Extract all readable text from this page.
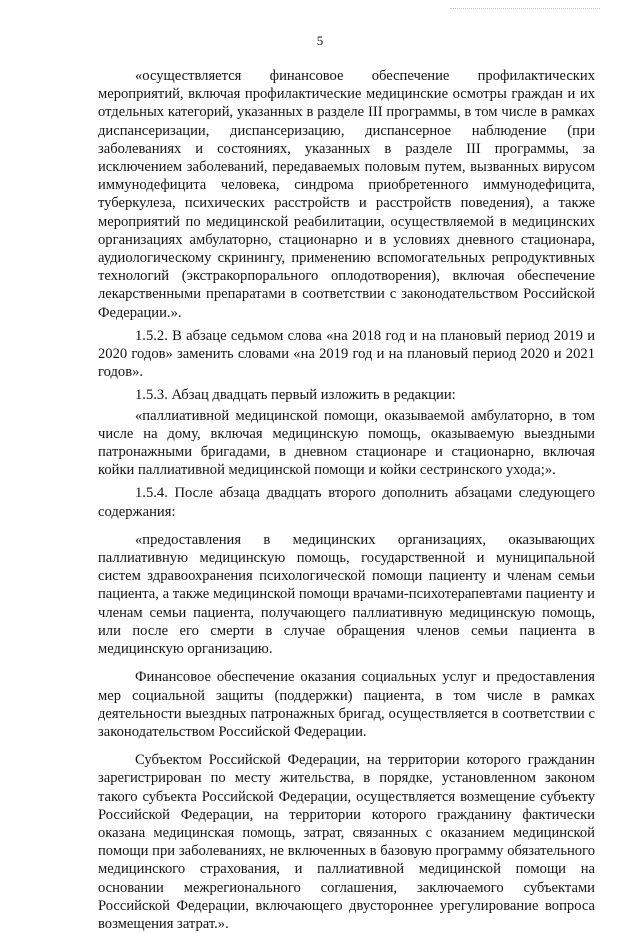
5

«осуществляется финансовое обеспечение профилактических мероприятий, включая профилактические медицинские осмотры граждан и их отдельных категорий, указанных в разделе III программы, в том числе в рамках диспансеризации, диспансеризацию, диспансерное наблюдение (при заболеваниях и состояниях, указанных в разделе III программы, за исключением заболеваний, передаваемых половым путем, вызванных вирусом иммунодефицита человека, синдрома приобретенного иммунодефицита, туберкулеза, психических расстройств и расстройств поведения), а также мероприятий по медицинской реабилитации, осуществляемой в медицинских организациях амбулаторно, стационарно и в условиях дневного стационара, аудиологическому скринингу, применению вспомогательных репродуктивных технологий (экстракорпорального оплодотворения), включая обеспечение лекарственными препаратами в соответствии с законодательством Российской Федерации.».

1.5.2. В абзаце седьмом слова «на 2018 год и на плановый период 2019 и 2020 годов» заменить словами «на 2019 год и на плановый период 2020 и 2021 годов».

1.5.3. Абзац двадцать первый изложить в редакции:

«паллиативной медицинской помощи, оказываемой амбулаторно, в том числе на дому, включая медицинскую помощь, оказываемую выездными патронажными бригадами, в дневном стационаре и стационарно, включая койки паллиативной медицинской помощи и койки сестринского ухода;».

1.5.4. После абзаца двадцать второго дополнить абзацами следующего содержания:

«предоставления в медицинских организациях, оказывающих паллиативную медицинскую помощь, государственной и муниципальной систем здравоохранения психологической помощи пациенту и членам семьи пациента, а также медицинской помощи врачами-психотерапевтами пациенту и членам семьи пациента, получающего паллиативную медицинскую помощь, или после его смерти в случае обращения членов семьи пациента в медицинскую организацию.

Финансовое обеспечение оказания социальных услуг и предоставления мер социальной защиты (поддержки) пациента, в том числе в рамках деятельности выездных патронажных бригад, осуществляется в соответствии с законодательством Российской Федерации.

Субъектом Российской Федерации, на территории которого гражданин зарегистрирован по месту жительства, в порядке, установленном законом такого субъекта Российской Федерации, осуществляется возмещение субъекту Российской Федерации, на территории которого гражданину фактически оказана медицинская помощь, затрат, связанных с оказанием медицинской помощи при заболеваниях, не включенных в базовую программу обязательного медицинского страхования, и паллиативной медицинской помощи на основании межрегионального соглашения, заключаемого субъектами Российской Федерации, включающего двустороннее урегулирование вопроса возмещения затрат.».
